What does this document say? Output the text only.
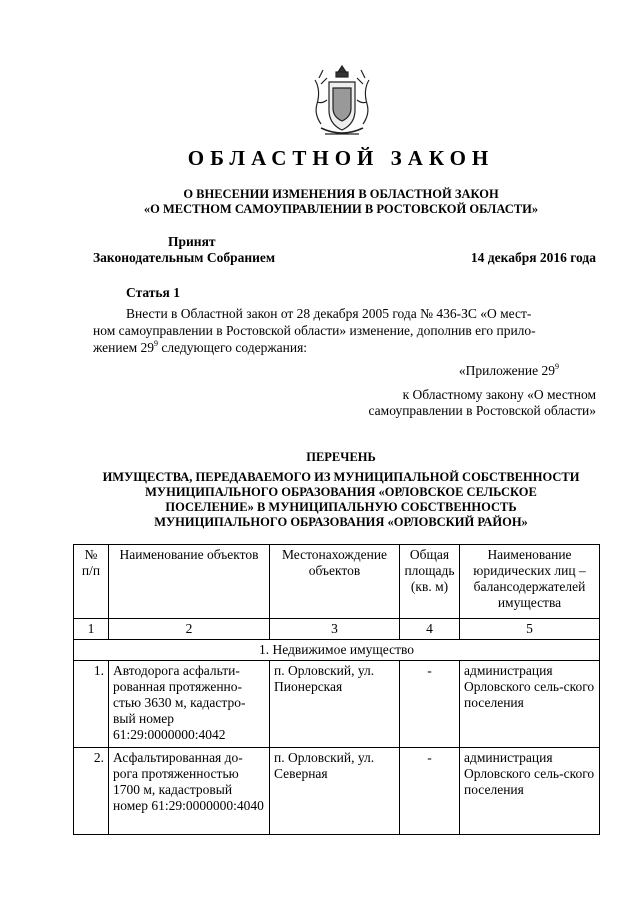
ОБЛАСТНОЙ ЗАКОН
О ВНЕСЕНИИ ИЗМЕНЕНИЯ В ОБЛАСТНОЙ ЗАКОН
«О МЕСТНОМ САМОУПРАВЛЕНИИ В РОСТОВСКОЙ ОБЛАСТИ»
Принят
Законодательным Собранием	14 декабря 2016 года
Статья 1
Внести в Областной закон от 28 декабря 2005 года № 436-ЗС «О мест-
ном самоуправлении в Ростовской области» изменение, дополнив его прило-
жением $29^9$ следующего содержания:
«Приложение $29^9$
к Областному закону «О местном
самоуправлении в Ростовской области»
ПЕРЕЧЕНЬ
ИМУЩЕСТВА, ПЕРЕДАВАЕМОГО ИЗ МУНИЦИПАЛЬНОЙ СОБСТВЕННОСТИ
МУНИЦИПАЛЬНОГО ОБРАЗОВАНИЯ «ОРЛОВСКОЕ СЕЛЬСКОЕ
ПОСЕЛЕНИЕ» В МУНИЦИПАЛЬНУЮ СОБСТВЕННОСТЬ
МУНИЦИПАЛЬНОГО ОБРАЗОВАНИЯ «ОРЛОВСКИЙ РАЙОН»
№ п/п	Наименование объектов	Местонахождение объектов	Общая площадь (кв. м)	Наименование юридических лиц – балансодержателей имущества
1	2	3	4	5
1. Недвижимое имущество				
1.	Автодорога асфальти-рованная протяженно-стью 3630 м, кадастро-вый номер 61:29:0000000:4042	п. Орловский, ул. Пионерская	-	администрация Орловского сель-ского поселения
2.	Асфальтированная до-рога протяженностью 1700 м, кадастровый номер 61:29:0000000:4040	п. Орловский, ул. Северная	-	администрация Орловского сель-ского поселения
